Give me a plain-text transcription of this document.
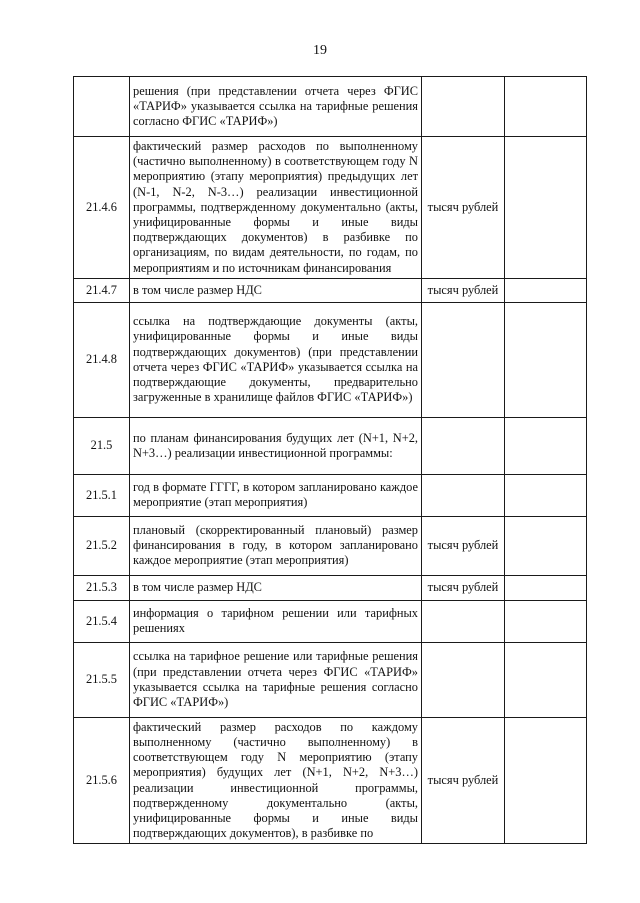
19
	решения (при представлении отчета через ФГИС «ТАРИФ» указывается ссылка на тарифные решения согласно ФГИС «ТАРИФ»)		
21.4.6	фактический размер расходов по выполненному (частично выполненному) в соответствующем году N мероприятию (этапу мероприятия) предыдущих лет (N-1, N-2, N-3…) реализации инвестиционной программы, подтвержденному документально (акты, унифицированные формы и иные виды подтверждающих документов) в разбивке по организациям, по видам деятельности, по годам, по мероприятиям и по источникам финансирования	тысяч рублей	
21.4.7	в том числе размер НДС	тысяч рублей	
21.4.8	ссылка на подтверждающие документы (акты, унифицированные формы и иные виды подтверждающих документов) (при представлении отчета через ФГИС «ТАРИФ» указывается ссылка на подтверждающие документы, предварительно загруженные в хранилище файлов ФГИС «ТАРИФ»)		
21.5	по планам финансирования будущих лет (N+1, N+2, N+3…) реализации инвестиционной программы:		
21.5.1	год в формате ГГГГ, в котором запланировано каждое мероприятие (этап мероприятия)		
21.5.2	плановый (скорректированный плановый) размер финансирования в году, в котором запланировано каждое мероприятие (этап мероприятия)	тысяч рублей	
21.5.3	в том числе размер НДС	тысяч рублей	
21.5.4	информация о тарифном решении или тарифных решениях		
21.5.5	ссылка на тарифное решение или тарифные решения (при представлении отчета через ФГИС «ТАРИФ» указывается ссылка на тарифные решения согласно ФГИС «ТАРИФ»)		
21.5.6	фактический размер расходов по каждому выполненному (частично выполненному) в соответствующем году N мероприятию (этапу мероприятия) будущих лет (N+1, N+2, N+3…) реализации инвестиционной программы, подтвержденному документально (акты, унифицированные формы и иные виды подтверждающих документов), в разбивке по	тысяч рублей	
